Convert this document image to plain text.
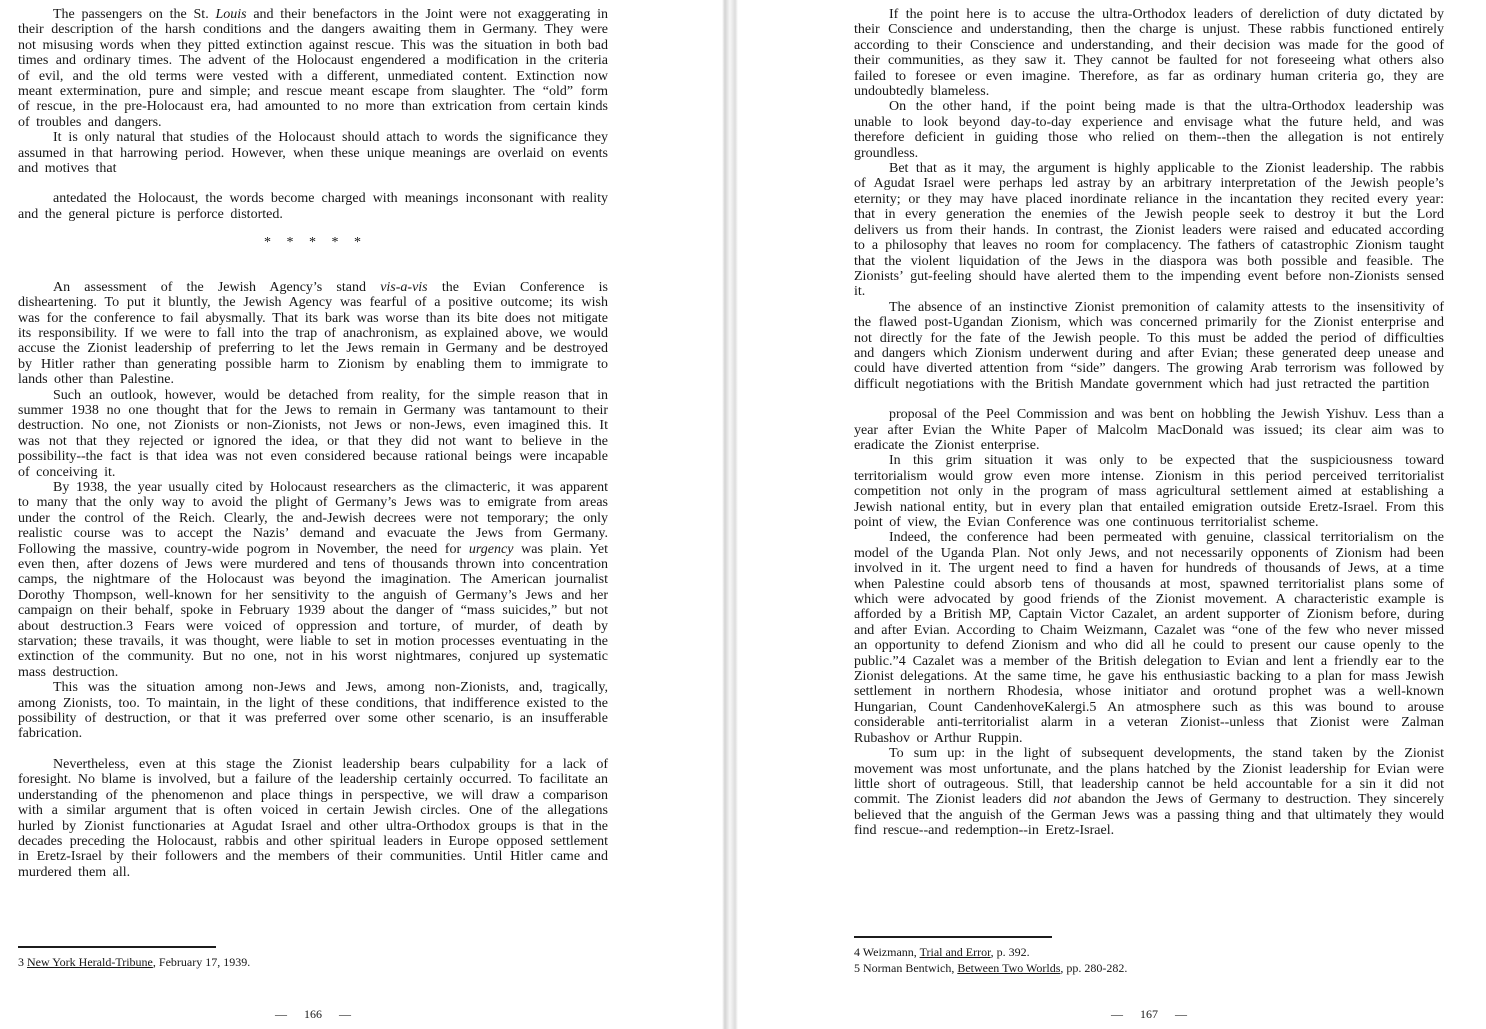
The passengers on the St. Louis and their benefactors in the Joint were not exaggerating in their description of the harsh conditions and the dangers awaiting them in Germany. They were not misusing words when they pitted extinction against rescue. This was the situation in both bad times and ordinary times. The advent of the Holocaust engendered a modification in the criteria of evil, and the old terms were vested with a different, unmediated content. Extinction now meant extermination, pure and simple; and rescue meant escape from slaughter. The “old” form of rescue, in the pre-Holocaust era, had amounted to no more than extrication from certain kinds of troubles and dangers.

It is only natural that studies of the Holocaust should attach to words the significance they assumed in that harrowing period. However, when these unique meanings are overlaid on events and motives that

antedated the Holocaust, the words become charged with meanings inconsonant with reality and the general picture is perforce distorted.

* * * * *

An assessment of the Jewish Agency’s stand vis-a-vis the Evian Conference is disheartening. To put it bluntly, the Jewish Agency was fearful of a positive outcome; its wish was for the conference to fail abysmally. That its bark was worse than its bite does not mitigate its responsibility. If we were to fall into the trap of anachronism, as explained above, we would accuse the Zionist leadership of preferring to let the Jews remain in Germany and be destroyed by Hitler rather than generating possible harm to Zionism by enabling them to immigrate to lands other than Palestine.

Such an outlook, however, would be detached from reality, for the simple reason that in summer 1938 no one thought that for the Jews to remain in Germany was tantamount to their destruction. No one, not Zionists or non-Zionists, not Jews or non-Jews, even imagined this. It was not that they rejected or ignored the idea, or that they did not want to believe in the possibility--the fact is that idea was not even considered because rational beings were incapable of conceiving it.

By 1938, the year usually cited by Holocaust researchers as the climacteric, it was apparent to many that the only way to avoid the plight of Germany’s Jews was to emigrate from areas under the control of the Reich. Clearly, the and-Jewish decrees were not temporary; the only realistic course was to accept the Nazis’ demand and evacuate the Jews from Germany. Following the massive, country-wide pogrom in November, the need for urgency was plain. Yet even then, after dozens of Jews were murdered and tens of thousands thrown into concentration camps, the nightmare of the Holocaust was beyond the imagination. The American journalist Dorothy Thompson, well-known for her sensitivity to the anguish of Germany’s Jews and her campaign on their behalf, spoke in February 1939 about the danger of “mass suicides,” but not about destruction.3 Fears were voiced of oppression and torture, of murder, of death by starvation; these travails, it was thought, were liable to set in motion processes eventuating in the extinction of the community. But no one, not in his worst nightmares, conjured up systematic mass destruction.

This was the situation among non-Jews and Jews, among non-Zionists, and, tragically, among Zionists, too. To maintain, in the light of these conditions, that indifference existed to the possibility of destruction, or that it was preferred over some other scenario, is an insufferable fabrication.

Nevertheless, even at this stage the Zionist leadership bears culpability for a lack of foresight. No blame is involved, but a failure of the leadership certainly occurred. To facilitate an understanding of the phenomenon and place things in perspective, we will draw a comparison with a similar argument that is often voiced in certain Jewish circles. One of the allegations hurled by Zionist functionaries at Agudat Israel and other ultra-Orthodox groups is that in the decades preceding the Holocaust, rabbis and other spiritual leaders in Europe opposed settlement in Eretz-Israel by their followers and the members of their communities. Until Hitler came and murdered them all.

3 New York Herald-Tribune, February 17, 1939.
— 166 —

If the point here is to accuse the ultra-Orthodox leaders of dereliction of duty dictated by their Conscience and understanding, then the charge is unjust. These rabbis functioned entirely according to their Conscience and understanding, and their decision was made for the good of their communities, as they saw it. They cannot be faulted for not foreseeing what others also failed to foresee or even imagine. Therefore, as far as ordinary human criteria go, they are undoubtedly blameless.

On the other hand, if the point being made is that the ultra-Orthodox leadership was unable to look beyond day-to-day experience and envisage what the future held, and was therefore deficient in guiding those who relied on them--then the allegation is not entirely groundless.

Bet that as it may, the argument is highly applicable to the Zionist leadership. The rabbis of Agudat Israel were perhaps led astray by an arbitrary interpretation of the Jewish people’s eternity; or they may have placed inordinate reliance in the incantation they recited every year: that in every generation the enemies of the Jewish people seek to destroy it but the Lord delivers us from their hands. In contrast, the Zionist leaders were raised and educated according to a philosophy that leaves no room for complacency. The fathers of catastrophic Zionism taught that the violent liquidation of the Jews in the diaspora was both possible and feasible. The Zionists’ gut-feeling should have alerted them to the impending event before non-Zionists sensed it.

The absence of an instinctive Zionist premonition of calamity attests to the insensitivity of the flawed post-Ugandan Zionism, which was concerned primarily for the Zionist enterprise and not directly for the fate of the Jewish people. To this must be added the period of difficulties and dangers which Zionism underwent during and after Evian; these generated deep unease and could have diverted attention from “side” dangers. The growing Arab terrorism was followed by difficult negotiations with the British Mandate government which had just retracted the partition

proposal of the Peel Commission and was bent on hobbling the Jewish Yishuv. Less than a year after Evian the White Paper of Malcolm MacDonald was issued; its clear aim was to eradicate the Zionist enterprise.

In this grim situation it was only to be expected that the suspiciousness toward territorialism would grow even more intense. Zionism in this period perceived territorialist competition not only in the program of mass agricultural settlement aimed at establishing a Jewish national entity, but in every plan that entailed emigration outside Eretz-Israel. From this point of view, the Evian Conference was one continuous territorialist scheme.

Indeed, the conference had been permeated with genuine, classical territorialism on the model of the Uganda Plan. Not only Jews, and not necessarily opponents of Zionism had been involved in it. The urgent need to find a haven for hundreds of thousands of Jews, at a time when Palestine could absorb tens of thousands at most, spawned territorialist plans some of which were advocated by good friends of the Zionist movement. A characteristic example is afforded by a British MP, Captain Victor Cazalet, an ardent supporter of Zionism before, during and after Evian. According to Chaim Weizmann, Cazalet was “one of the few who never missed an opportunity to defend Zionism and who did all he could to present our cause openly to the public.”4 Cazalet was a member of the British delegation to Evian and lent a friendly ear to the Zionist delegations. At the same time, he gave his enthusiastic backing to a plan for mass Jewish settlement in northern Rhodesia, whose initiator and orotund prophet was a well-known Hungarian, Count CandenhoveKalergi.5 An atmosphere such as this was bound to arouse considerable anti-territorialist alarm in a veteran Zionist--unless that Zionist were Zalman Rubashov or Arthur Ruppin.

To sum up: in the light of subsequent developments, the stand taken by the Zionist movement was most unfortunate, and the plans hatched by the Zionist leadership for Evian were little short of outrageous. Still, that leadership cannot be held accountable for a sin it did not commit. The Zionist leaders did not abandon the Jews of Germany to destruction. They sincerely believed that the anguish of the German Jews was a passing thing and that ultimately they would find rescue--and redemption--in Eretz-Israel.

4 Weizmann, Trial and Error, p. 392.
5 Norman Bentwich, Between Two Worlds, pp. 280-282.
— 167 —
